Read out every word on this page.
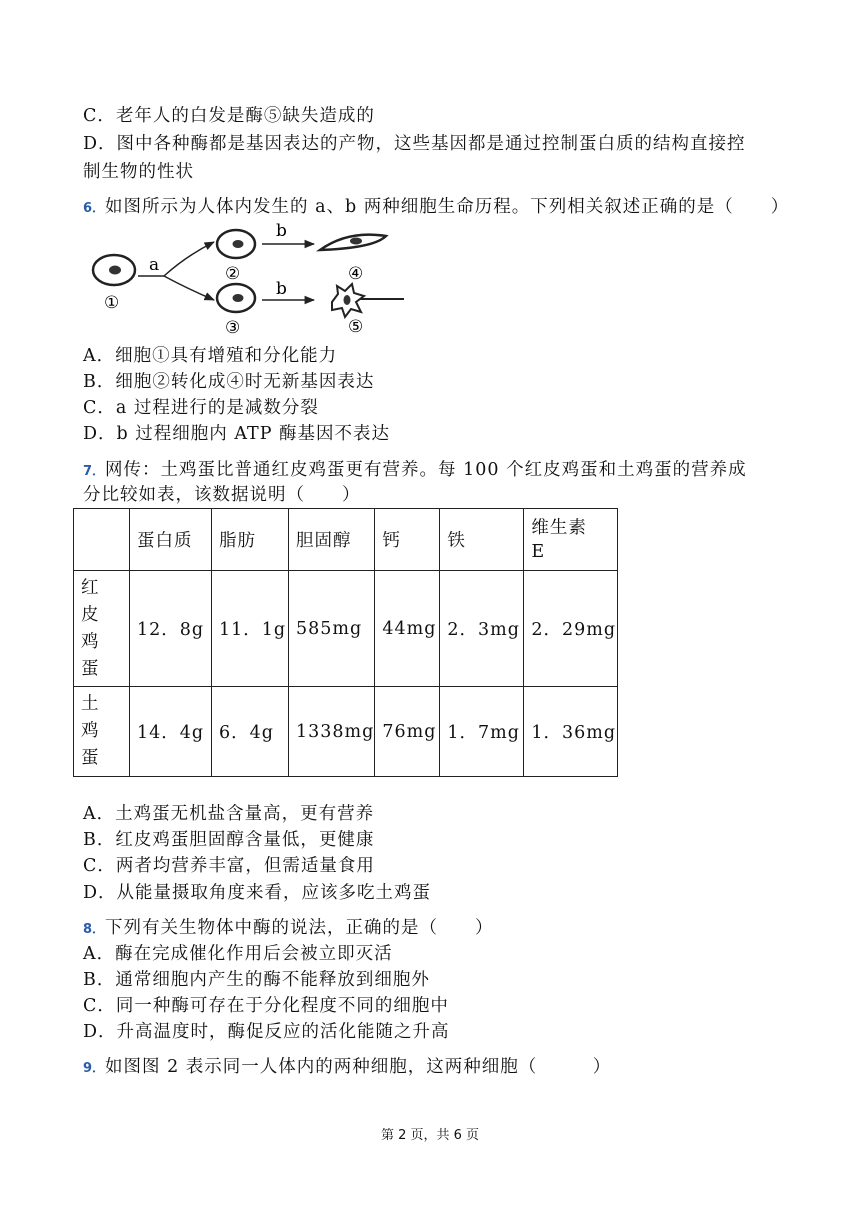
C．老年人的白发是酶⑤缺失造成的
D．图中各种酶都是基因表达的产物，这些基因都是通过控制蛋白质的结构直接控
制生物的性状
6．如图所示为人体内发生的 a、b 两种细胞生命历程。下列相关叙述正确的是（　　）
①
a	②
③
b
b
④
⑤
A．细胞①具有增殖和分化能力
B．细胞②转化成④时无新基因表达
C．a 过程进行的是减数分裂
D．b 过程细胞内 ATP 酶基因不表达
7．网传：土鸡蛋比普通红皮鸡蛋更有营养。每 100 个红皮鸡蛋和土鸡蛋的营养成
分比较如表，该数据说明（　　）
	蛋白质	脂肪	胆固醇	钙	铁	维生素
E
红
皮
鸡
蛋	12．8g	11．1g	585mg	44mg	2．3mg	2．29mg
土
鸡
蛋	14．4g	6．4g	1338mg	76mg	1．7mg	1．36mg
A．土鸡蛋无机盐含量高，更有营养
B．红皮鸡蛋胆固醇含量低，更健康
C．两者均营养丰富，但需适量食用
D．从能量摄取角度来看，应该多吃土鸡蛋
8．下列有关生物体中酶的说法，正确的是（　　）
A．酶在完成催化作用后会被立即灭活
B．通常细胞内产生的酶不能释放到细胞外
C．同一种酶可存在于分化程度不同的细胞中
D．升高温度时，酶促反应的活化能随之升高
9．如图图 2 表示同一人体内的两种细胞，这两种细胞（　　　）
第 2 页，共 6 页
